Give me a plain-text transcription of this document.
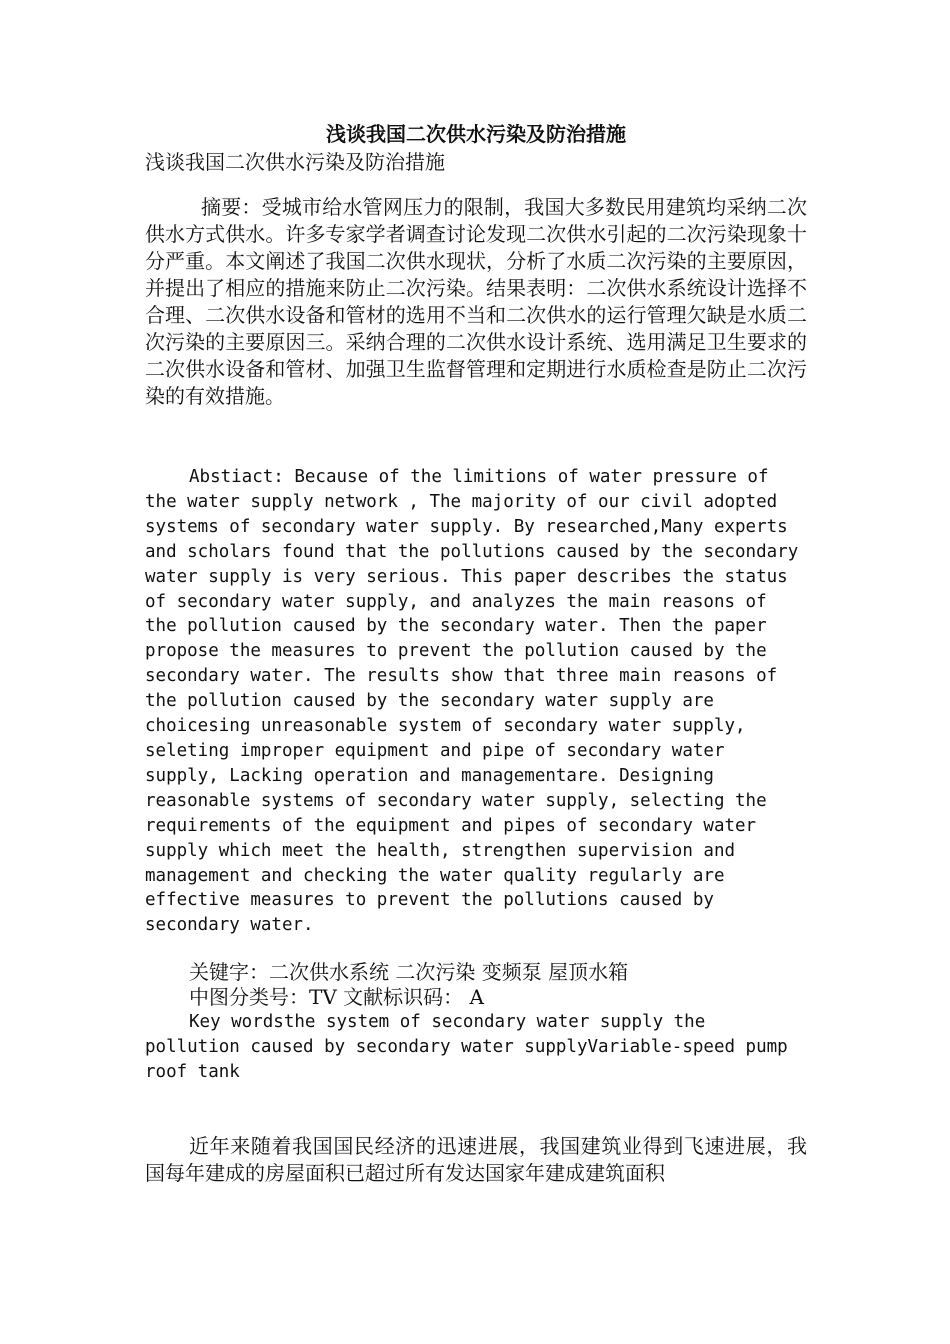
浅谈我国二次供水污染及防治措施

浅谈我国二次供水污染及防治措施

摘要：受城市给水管网压力的限制，我国大多数民用建筑均采纳二次供水方式供水。许多专家学者调查讨论发现二次供水引起的二次污染现象十分严重。本文阐述了我国二次供水现状，分析了水质二次污染的主要原因，并提出了相应的措施来防止二次污染。结果表明：二次供水系统设计选择不合理、二次供水设备和管材的选用不当和二次供水的运行管理欠缺是水质二次污染的主要原因三。采纳合理的二次供水设计系统、选用满足卫生要求的二次供水设备和管材、加强卫生监督管理和定期进行水质检查是防止二次污染的有效措施。

Abstiact: Because of the limitions of water pressure of the water supply network , The majority of our civil adopted systems of secondary water supply. By researched,Many experts and scholars found that the pollutions caused by the secondary water supply is very serious. This paper describes the status of secondary water supply, and analyzes the main reasons of the pollution caused by the secondary water. Then the paper propose the measures to prevent the pollution caused by the secondary water. The results show that three main reasons of the pollution caused by the secondary water supply are choicesing unreasonable system of secondary water supply, seleting improper equipment and pipe of secondary water supply, Lacking operation and managementare. Designing reasonable systems of secondary water supply, selecting the requirements of the equipment and pipes of secondary water supply which meet the health, strengthen supervision and management and checking the water quality regularly are effective measures to prevent the pollutions caused by secondary water.

关键字：二次供水系统 二次污染 变频泵 屋顶水箱

中图分类号：TV 文献标识码： A

Key wordsthe system of secondary water supply the pollution caused by secondary water supplyVariable-speed pump roof tank

近年来随着我国国民经济的迅速进展，我国建筑业得到飞速进展，我国每年建成的房屋面积已超过所有发达国家年建成建筑面积
